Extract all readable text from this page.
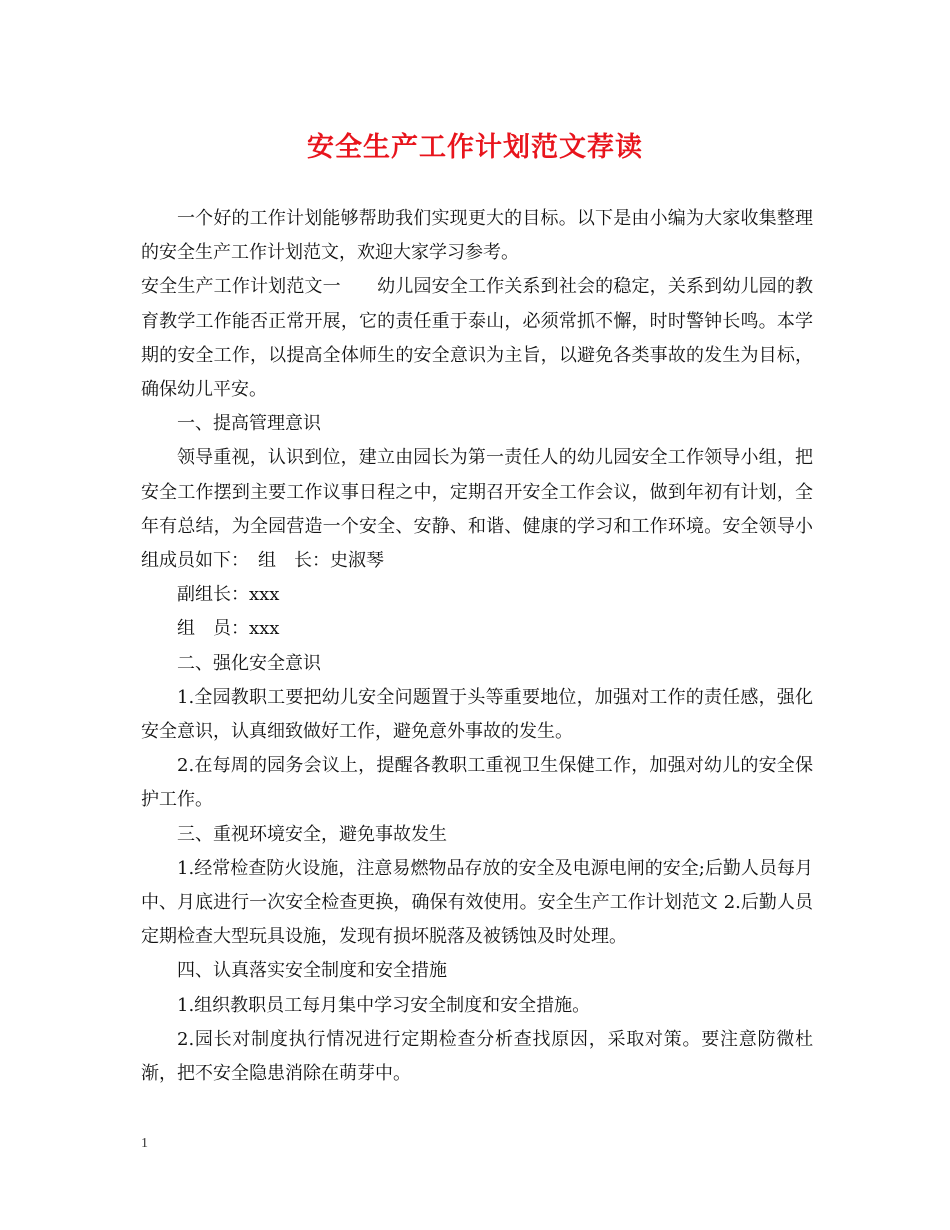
安全生产工作计划范文荐读

一个好的工作计划能够帮助我们实现更大的目标。以下是由小编为大家收集整理的安全生产工作计划范文，欢迎大家学习参考。

安全生产工作计划范文一　　幼儿园安全工作关系到社会的稳定，关系到幼儿园的教育教学工作能否正常开展，它的责任重于泰山，必须常抓不懈，时时警钟长鸣。本学期的安全工作，以提高全体师生的安全意识为主旨，以避免各类事故的发生为目标，确保幼儿平安。

一、提高管理意识

领导重视，认识到位，建立由园长为第一责任人的幼儿园安全工作领导小组，把安全工作摆到主要工作议事日程之中，定期召开安全工作会议，做到年初有计划，全年有总结，为全园营造一个安全、安静、和谐、健康的学习和工作环境。安全领导小组成员如下：　组　长：史淑琴

副组长：xxx

组　员：xxx

二、强化安全意识

1.全园教职工要把幼儿安全问题置于头等重要地位，加强对工作的责任感，强化安全意识，认真细致做好工作，避免意外事故的发生。

2.在每周的园务会议上，提醒各教职工重视卫生保健工作，加强对幼儿的安全保护工作。

三、重视环境安全，避免事故发生

1.经常检查防火设施，注意易燃物品存放的安全及电源电闸的安全;后勤人员每月中、月底进行一次安全检查更换，确保有效使用。安全生产工作计划范文 2.后勤人员定期检查大型玩具设施，发现有损坏脱落及被锈蚀及时处理。

四、认真落实安全制度和安全措施

1.组织教职员工每月集中学习安全制度和安全措施。

2.园长对制度执行情况进行定期检查分析查找原因，采取对策。要注意防微杜渐，把不安全隐患消除在萌芽中。

1
